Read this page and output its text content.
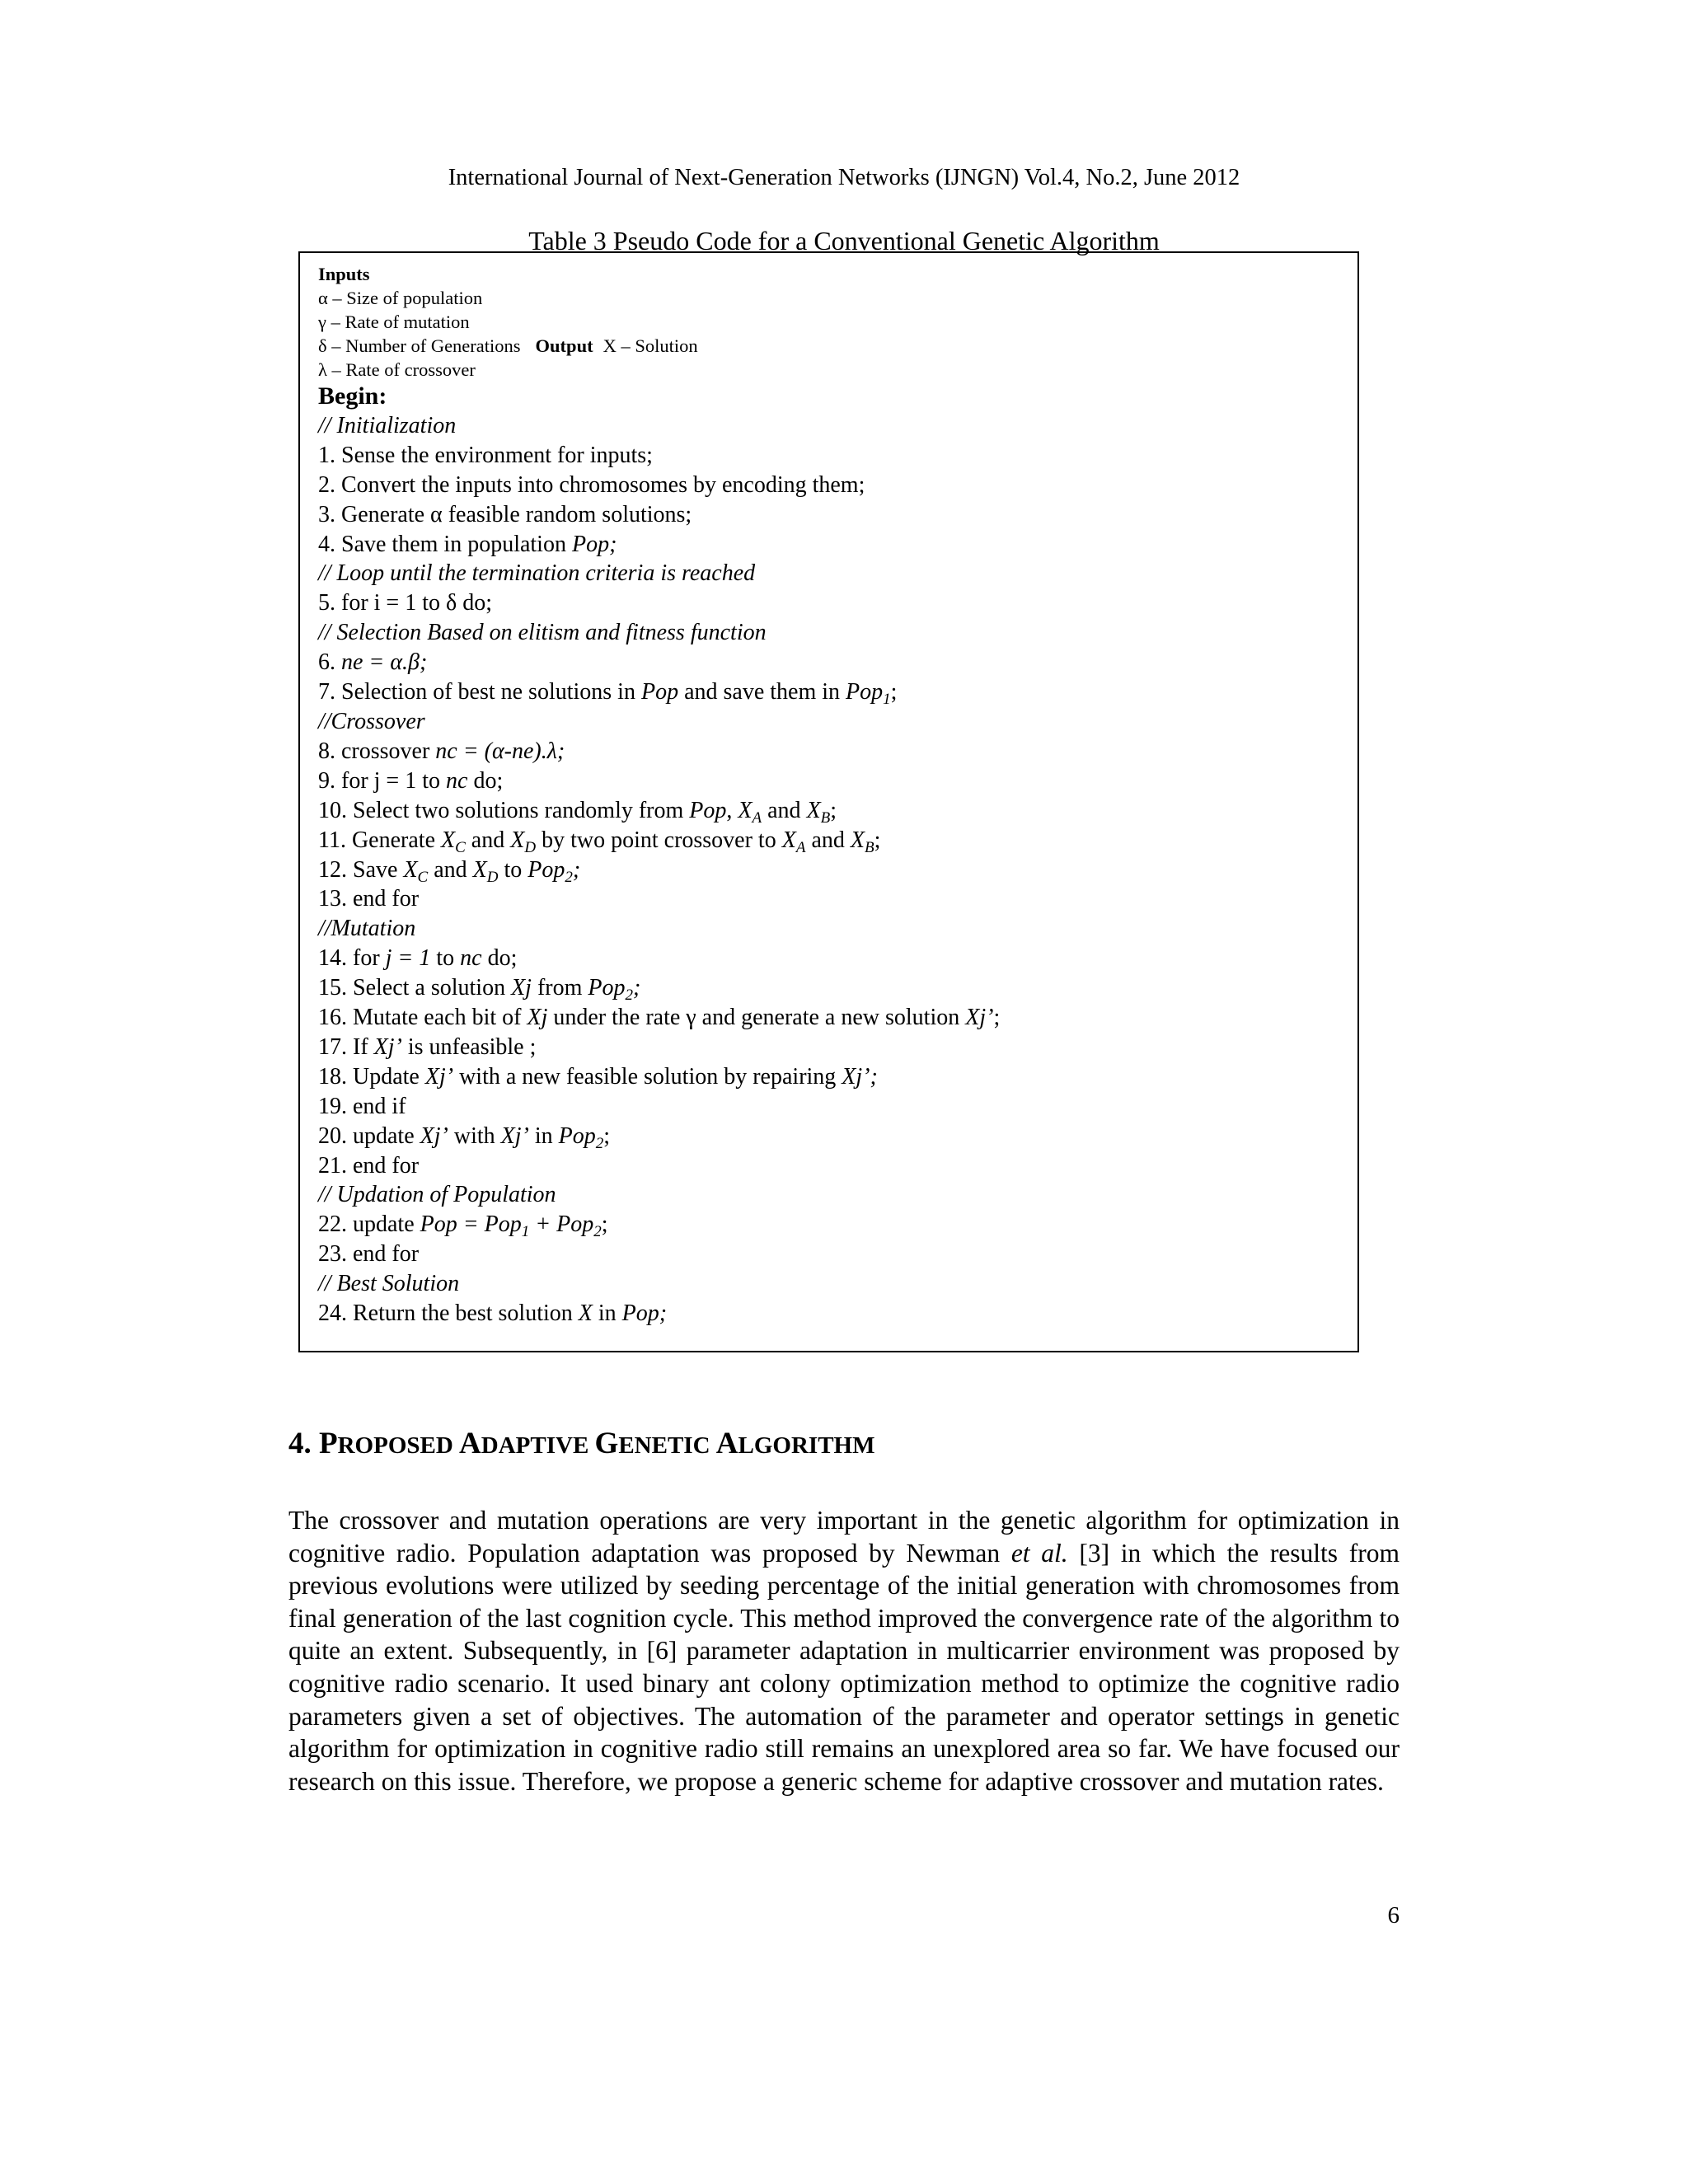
International Journal of Next-Generation Networks (IJNGN) Vol.4, No.2, June 2012
Table 3 Pseudo Code for a Conventional Genetic Algorithm
Inputs
α – Size of population
γ – Rate of mutation
δ – Number of Generations Output X – Solution
λ – Rate of crossover
Begin:
// Initialization
1. Sense the environment for inputs;
2. Convert the inputs into chromosomes by encoding them;
3. Generate α feasible random solutions;
4. Save them in population Pop;
// Loop until the termination criteria is reached
5. for i = 1 to δ do;
// Selection Based on elitism and fitness function
6. ne = α.β;
7. Selection of best ne solutions in Pop and save them in Pop$_1$;
//Crossover
8. crossover nc = (α-ne).λ;
9. for j = 1 to nc do;
10. Select two solutions randomly from Pop, $X_A$ and $X_B$;
11. Generate $X_C$ and $X_D$ by two point crossover to $X_A$ and $X_B$;
12. Save $X_C$ and $X_D$ to Pop$_2$;
13. end for
//Mutation
14. for j = 1 to nc do;
15. Select a solution Xj from Pop$_2$;
16. Mutate each bit of Xj under the rate γ and generate a new solution Xj’;
17. If Xj’ is unfeasible ;
18. Update Xj’ with a new feasible solution by repairing Xj’;
19. end if
20. update Xj’ with Xj’ in Pop$_2$;
21. end for
// Updation of Population
22. update Pop = Pop$_1$ + Pop$_2$;
23. end for
// Best Solution
24. Return the best solution X in Pop;
4. PROPOSED ADAPTIVE GENETIC ALGORITHM
The crossover and mutation operations are very important in the genetic algorithm for optimization in cognitive radio. Population adaptation was proposed by Newman et al. [3] in which the results from previous evolutions were utilized by seeding percentage of the initial generation with chromosomes from final generation of the last cognition cycle. This method improved the convergence rate of the algorithm to quite an extent. Subsequently, in [6] parameter adaptation in multicarrier environment was proposed by cognitive radio scenario. It used binary ant colony optimization method to optimize the cognitive radio parameters given a set of objectives. The automation of the parameter and operator settings in genetic algorithm for optimization in cognitive radio still remains an unexplored area so far. We have focused our research on this issue. Therefore, we propose a generic scheme for adaptive crossover and mutation rates.
6
